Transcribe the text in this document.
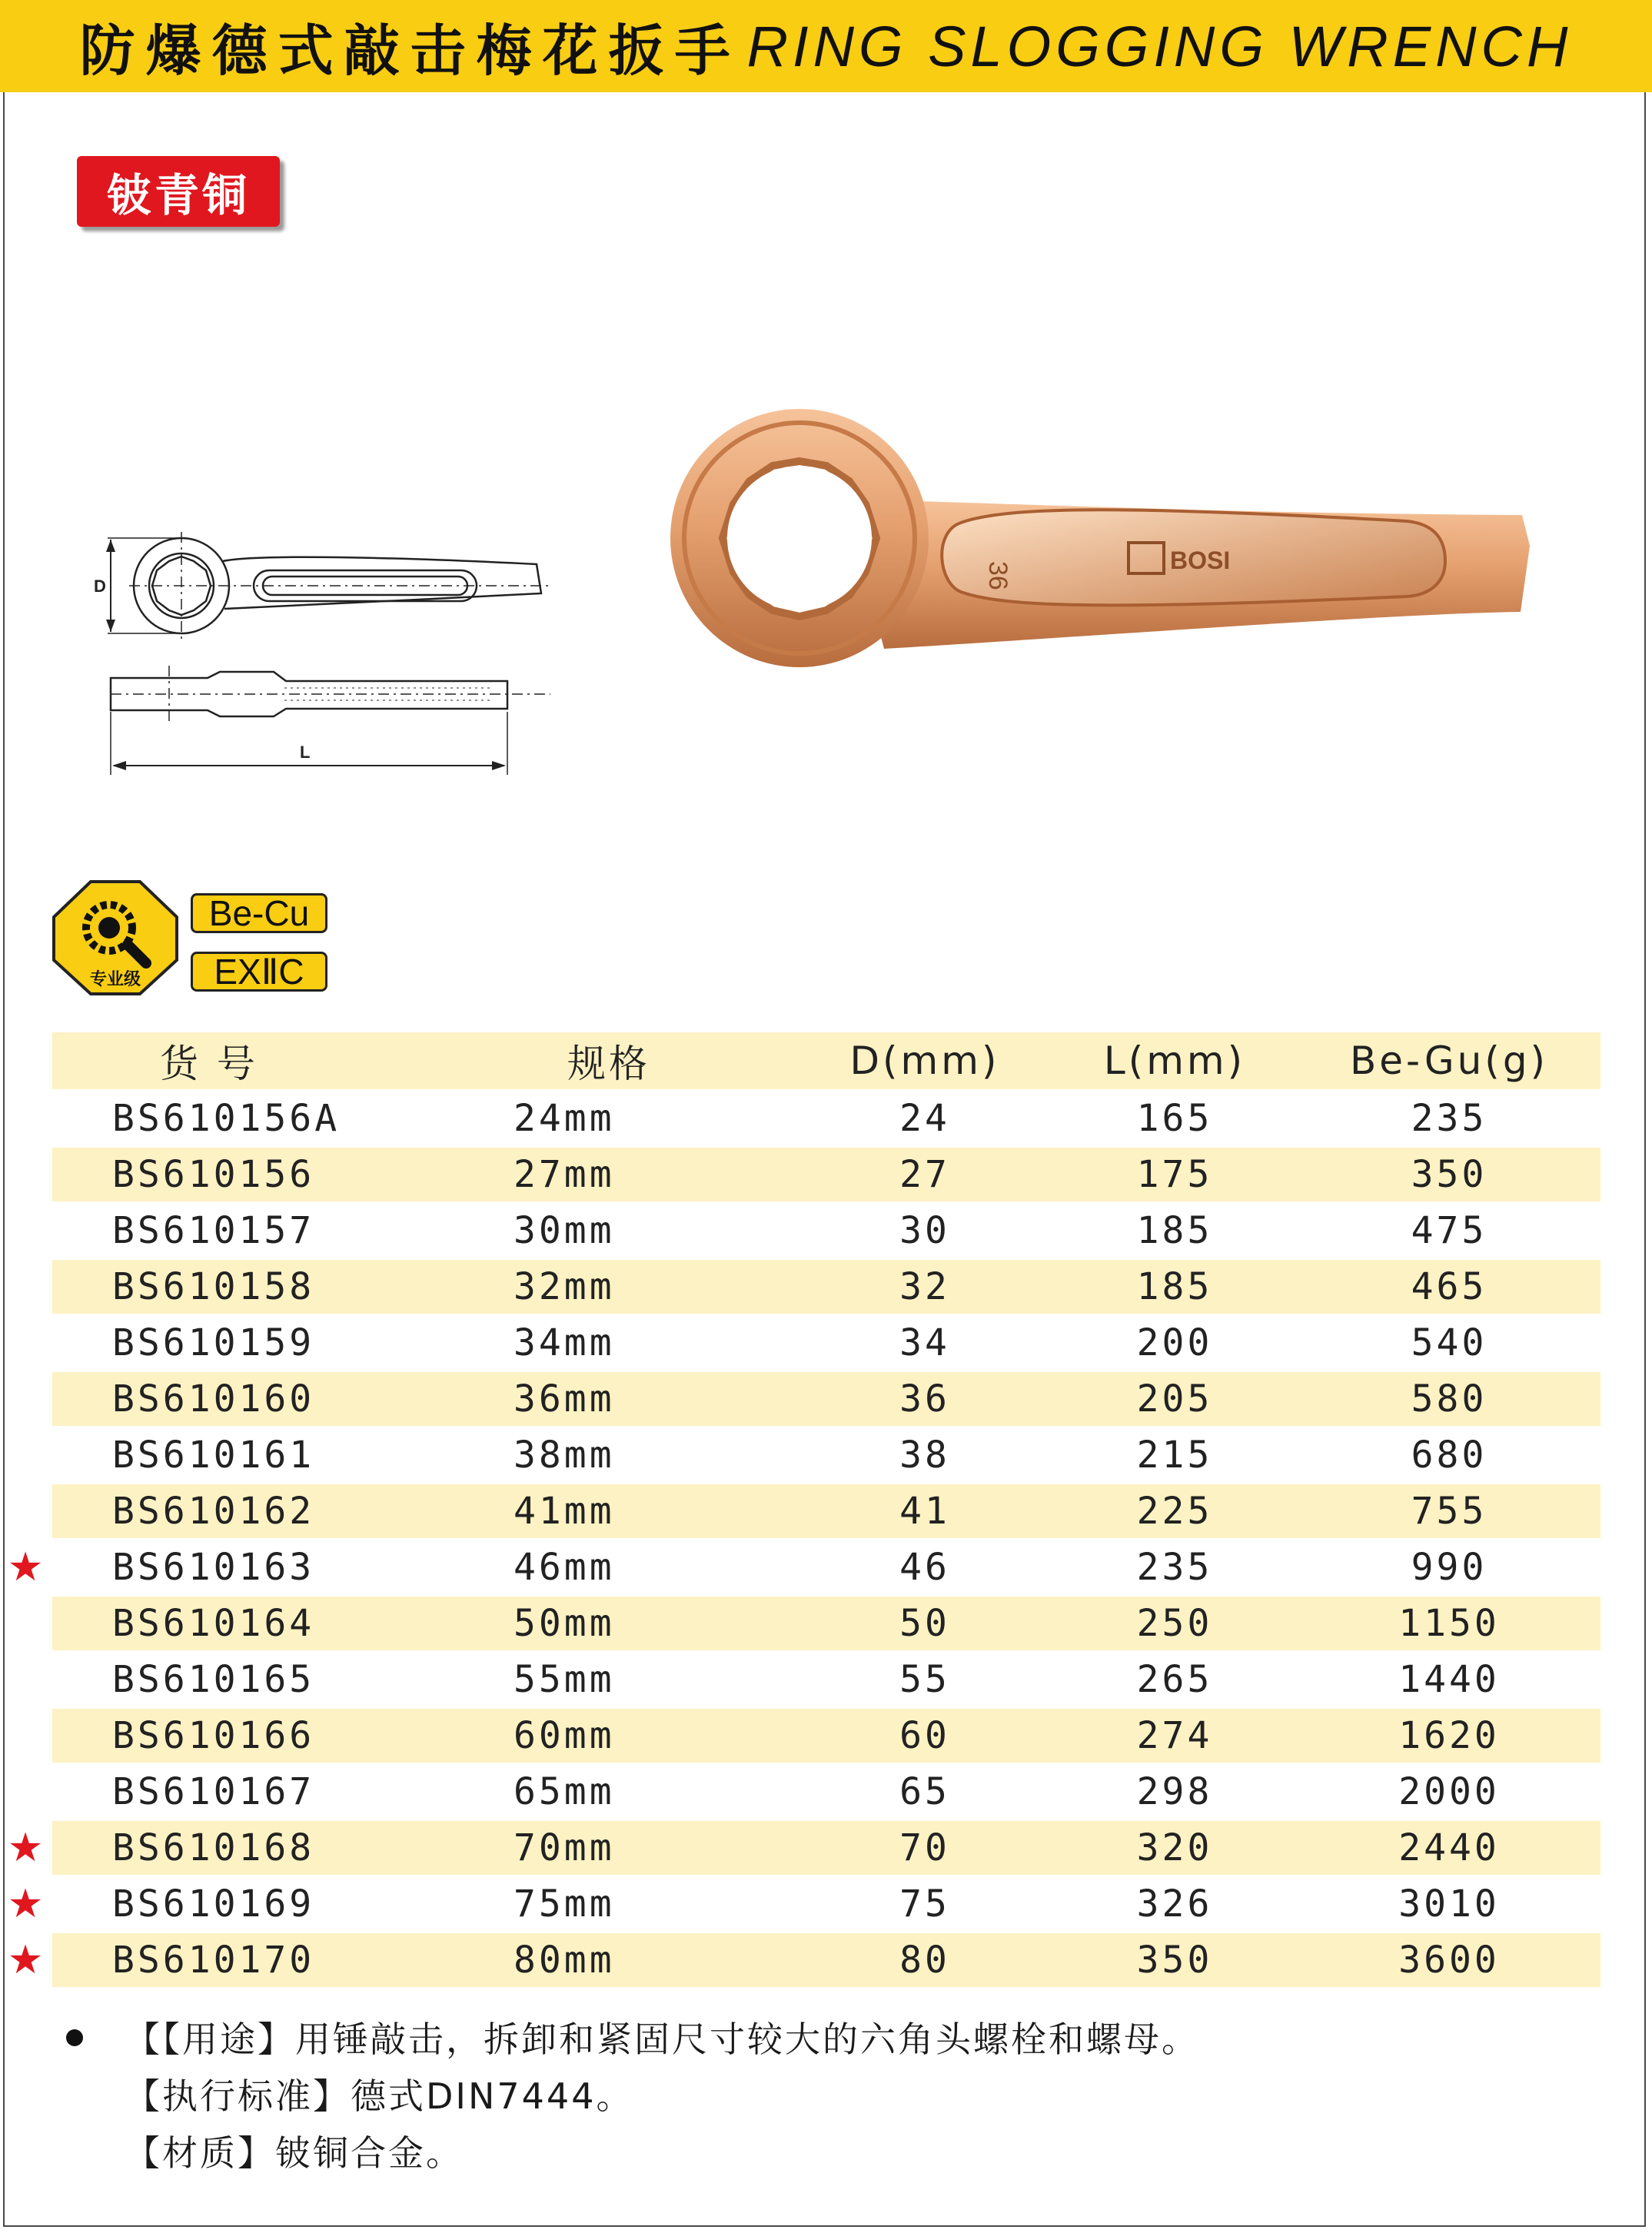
防爆德式敲击梅花扳手 RING SLOGGING WRENCH
铍青铜
D
L
36
BOSI
专业级
Be-Cu
EXⅡC
货 号	规格	D(mm)	L(mm)	Be-Gu(g)
BS610156A	24mm	24	165	235
BS610156	27mm	27	175	350
BS610157	30mm	30	185	475
BS610158	32mm	32	185	465
BS610159	34mm	34	200	540
BS610160	36mm	36	205	580
BS610161	38mm	38	215	680
BS610162	41mm	41	225	755
BS610163	46mm	46	235	990
BS610164	50mm	50	250	1150
BS610165	55mm	55	265	1440
BS610166	60mm	60	274	1620
BS610167	65mm	65	298	2000
BS610168	70mm	70	320	2440
BS610169	75mm	75	326	3010
BS610170	80mm	80	350	3600
★
★
★
★
【【用途】用锤敲击，拆卸和紧固尺寸较大的六角头螺栓和螺母。
【执行标准】德式DIN7444。
【材质】铍铜合金。
